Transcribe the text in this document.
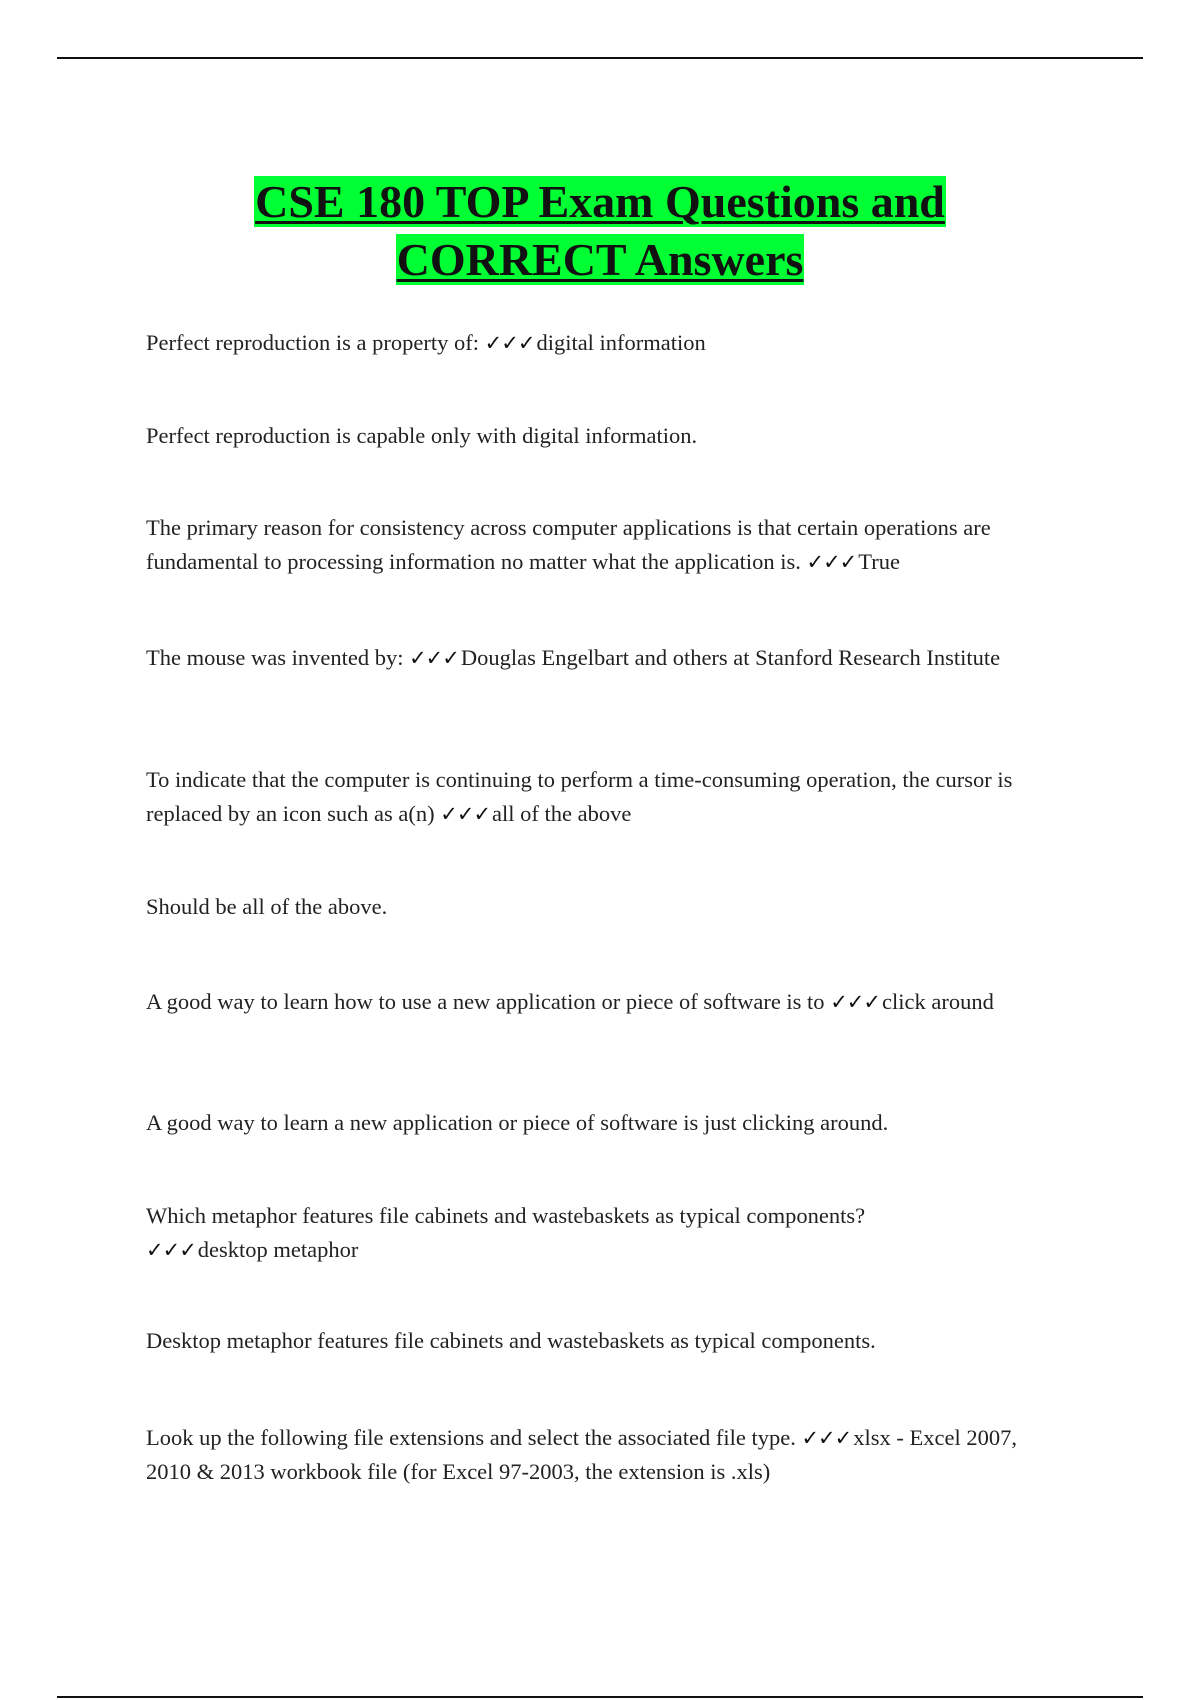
CSE 180 TOP Exam Questions and
CORRECT Answers

Perfect reproduction is a property of: ✓✓✓digital information

Perfect reproduction is capable only with digital information.

The primary reason for consistency across computer applications is that certain operations are fundamental to processing information no matter what the application is. ✓✓✓True

The mouse was invented by: ✓✓✓Douglas Engelbart and others at Stanford Research Institute

To indicate that the computer is continuing to perform a time-consuming operation, the cursor is replaced by an icon such as a(n) ✓✓✓all of the above

Should be all of the above.

A good way to learn how to use a new application or piece of software is to ✓✓✓click around

A good way to learn a new application or piece of software is just clicking around.

Which metaphor features file cabinets and wastebaskets as typical components? ✓✓✓desktop metaphor

Desktop metaphor features file cabinets and wastebaskets as typical components.

Look up the following file extensions and select the associated file type. ✓✓✓xlsx - Excel 2007, 2010 & 2013 workbook file (for Excel 97-2003, the extension is .xls)
